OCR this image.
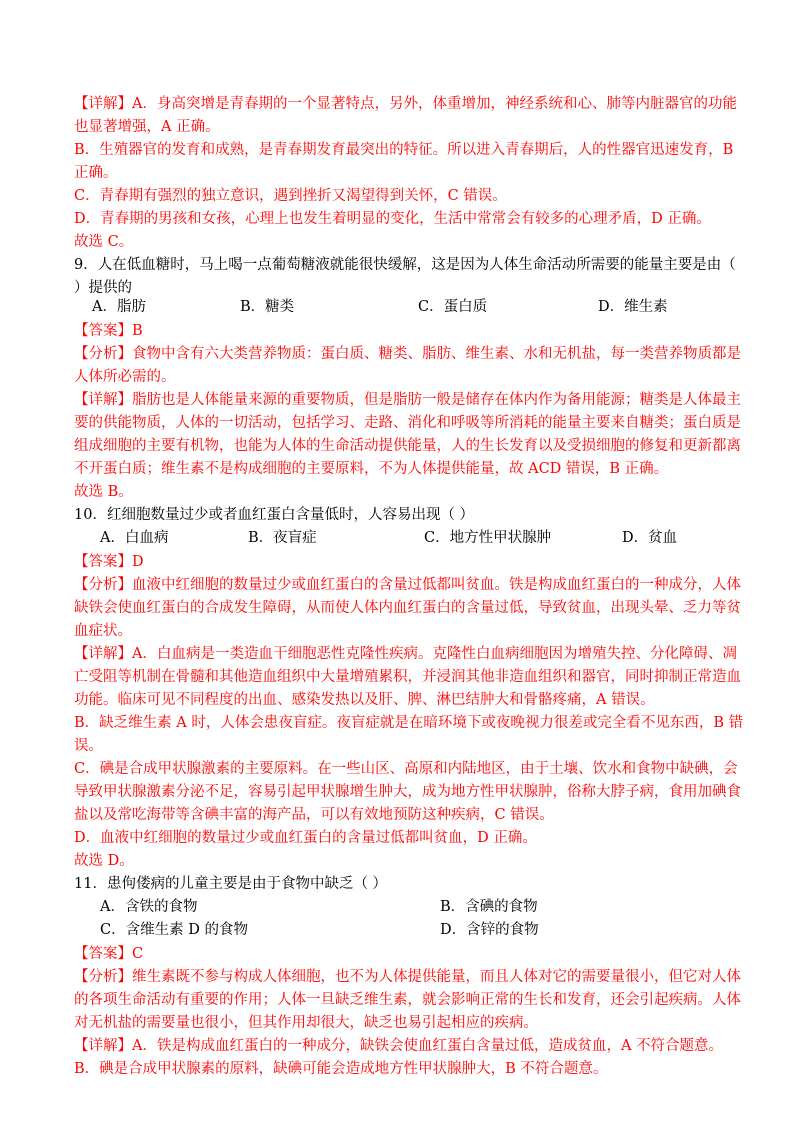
【详解】A．身高突增是青春期的一个显著特点，另外，体重增加，神经系统和心、肺等内脏器官的功能
也显著增强，A 正确。
B．生殖器官的发育和成熟，是青春期发育最突出的特征。所以进入青春期后，人的性器官迅速发育，B
正确。
C．青春期有强烈的独立意识，遇到挫折又渴望得到关怀，C 错误。
D．青春期的男孩和女孩，心理上也发生着明显的变化，生活中常常会有较多的心理矛盾，D 正确。
故选 C。
9．人在低血糖时，马上喝一点葡萄糖液就能很快缓解，这是因为人体生命活动所需要的能量主要是由（
）提供的
A．脂肪	B．糖类	C．蛋白质	D．维生素
【答案】B
【分析】食物中含有六大类营养物质：蛋白质、糖类、脂肪、维生素、水和无机盐，每一类营养物质都是
人体所必需的。
【详解】脂肪也是人体能量来源的重要物质，但是脂肪一般是储存在体内作为备用能源；糖类是人体最主
要的供能物质，人体的一切活动，包括学习、走路、消化和呼吸等所消耗的能量主要来自糖类；蛋白质是
组成细胞的主要有机物，也能为人体的生命活动提供能量，人的生长发育以及受损细胞的修复和更新都离
不开蛋白质；维生素不是构成细胞的主要原料，不为人体提供能量，故 ACD 错误，B 正确。
故选 B。
10．红细胞数量过少或者血红蛋白含量低时，人容易出现（ ）
A．白血病	B．夜盲症	C．地方性甲状腺肿	D．贫血
【答案】D
【分析】血液中红细胞的数量过少或血红蛋白的含量过低都叫贫血。铁是构成血红蛋白的一种成分，人体
缺铁会使血红蛋白的合成发生障碍，从而使人体内血红蛋白的含量过低，导致贫血，出现头晕、乏力等贫
血症状。
【详解】A．白血病是一类造血干细胞恶性克隆性疾病。克隆性白血病细胞因为增殖失控、分化障碍、凋
亡受阻等机制在骨髓和其他造血组织中大量增殖累积，并浸润其他非造血组织和器官，同时抑制正常造血
功能。临床可见不同程度的出血、感染发热以及肝、脾、淋巴结肿大和骨骼疼痛，A 错误。
B．缺乏维生素 A 时，人体会患夜盲症。夜盲症就是在暗环境下或夜晚视力很差或完全看不见东西，B 错
误。
C．碘是合成甲状腺激素的主要原料。在一些山区、高原和内陆地区，由于土壤、饮水和食物中缺碘，会
导致甲状腺激素分泌不足，容易引起甲状腺增生肿大，成为地方性甲状腺肿，俗称大脖子病，食用加碘食
盐以及常吃海带等含碘丰富的海产品，可以有效地预防这种疾病，C 错误。
D．血液中红细胞的数量过少或血红蛋白的含量过低都叫贫血，D 正确。
故选 D。
11．患佝偻病的儿童主要是由于食物中缺乏（ ）
A．含铁的食物	B．含碘的食物
C．含维生素 D 的食物	D．含锌的食物
【答案】C
【分析】维生素既不参与构成人体细胞，也不为人体提供能量，而且人体对它的需要量很小，但它对人体
的各项生命活动有重要的作用；人体一旦缺乏维生素，就会影响正常的生长和发育，还会引起疾病。人体
对无机盐的需要量也很小，但其作用却很大，缺乏也易引起相应的疾病。
【详解】A．铁是构成血红蛋白的一种成分，缺铁会使血红蛋白含量过低，造成贫血，A 不符合题意。
B．碘是合成甲状腺素的原料，缺碘可能会造成地方性甲状腺肿大，B 不符合题意。
